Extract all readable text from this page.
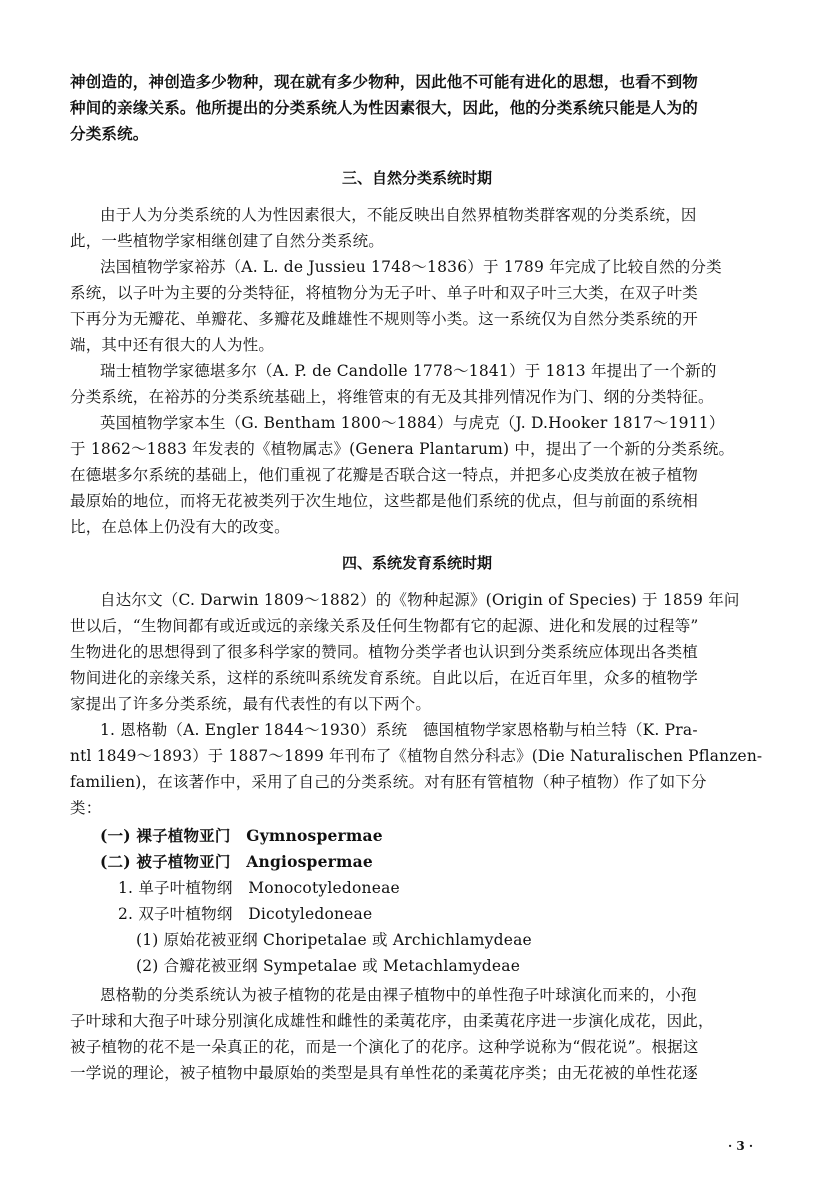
神创造的，神创造多少物种，现在就有多少物种，因此他不可能有进化的思想，也看不到物
种间的亲缘关系。他所提出的分类系统人为性因素很大，因此，他的分类系统只能是人为的
分类系统。
三、自然分类系统时期
由于人为分类系统的人为性因素很大，不能反映出自然界植物类群客观的分类系统，因
此，一些植物学家相继创建了自然分类系统。
法国植物学家裕苏（A. L. de Jussieu 1748～1836）于 1789 年完成了比较自然的分类
系统，以子叶为主要的分类特征，将植物分为无子叶、单子叶和双子叶三大类，在双子叶类
下再分为无瓣花、单瓣花、多瓣花及雌雄性不规则等小类。这一系统仅为自然分类系统的开
端，其中还有很大的人为性。
瑞士植物学家德堪多尔（A. P. de Candolle 1778～1841）于 1813 年提出了一个新的
分类系统，在裕苏的分类系统基础上，将维管束的有无及其排列情况作为门、纲的分类特征。
英国植物学家本生（G. Bentham 1800～1884）与虎克（J. D.Hooker 1817～1911）
于 1862～1883 年发表的《植物属志》(Genera Plantarum) 中，提出了一个新的分类系统。
在德堪多尔系统的基础上，他们重视了花瓣是否联合这一特点，并把多心皮类放在被子植物
最原始的地位，而将无花被类列于次生地位，这些都是他们系统的优点，但与前面的系统相
比，在总体上仍没有大的改变。
四、系统发育系统时期
自达尔文（C. Darwin 1809～1882）的《物种起源》(Origin of Species) 于 1859 年问
世以后，“生物间都有或近或远的亲缘关系及任何生物都有它的起源、进化和发展的过程等”
生物进化的思想得到了很多科学家的赞同。植物分类学者也认识到分类系统应体现出各类植
物间进化的亲缘关系，这样的系统叫系统发育系统。自此以后，在近百年里，众多的植物学
家提出了许多分类系统，最有代表性的有以下两个。
1. 恩格勒（A. Engler 1844～1930）系统　德国植物学家恩格勒与柏兰特（K. Pra-
ntl 1849～1893）于 1887～1899 年刊布了《植物自然分科志》(Die Naturalischen Pflanzen-
familien)，在该著作中，采用了自己的分类系统。对有胚有管植物（种子植物）作了如下分
类：
(一) 裸子植物亚门　Gymnospermae
(二) 被子植物亚门　Angiospermae
1. 单子叶植物纲　Monocotyledoneae
2. 双子叶植物纲　Dicotyledoneae
(1) 原始花被亚纲 Choripetalae 或 Archichlamydeae
(2) 合瓣花被亚纲 Sympetalae 或 Metachlamydeae
恩格勒的分类系统认为被子植物的花是由裸子植物中的单性孢子叶球演化而来的，小孢
子叶球和大孢子叶球分别演化成雄性和雌性的柔荑花序，由柔荑花序进一步演化成花，因此，
被子植物的花不是一朵真正的花，而是一个演化了的花序。这种学说称为“假花说”。根据这
一学说的理论，被子植物中最原始的类型是具有单性花的柔荑花序类；由无花被的单性花逐
· 3 ·
